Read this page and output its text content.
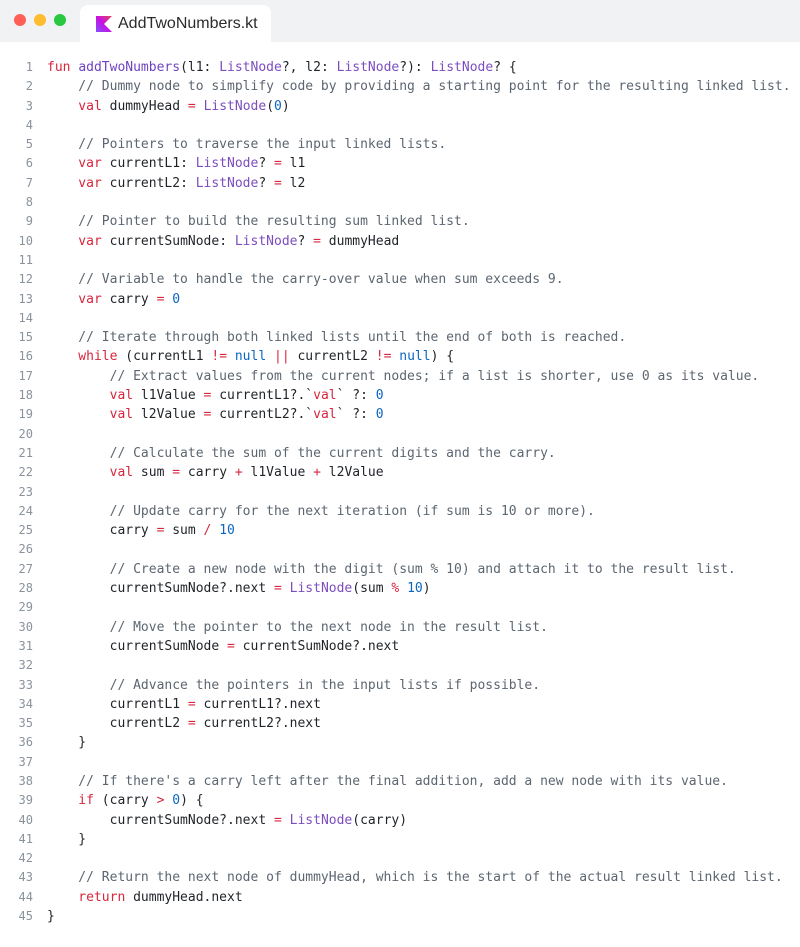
AddTwoNumbers.kt
1 fun addTwoNumbers(l1: ListNode?, l2: ListNode?): ListNode? {
2    // Dummy node to simplify code by providing a starting point for the resulting linked list.
3    val dummyHead = ListNode(0)
4
5    // Pointers to traverse the input linked lists.
6    var currentL1: ListNode? = l1
7    var currentL2: ListNode? = l2
8
9    // Pointer to build the resulting sum linked list.
10    var currentSumNode: ListNode? = dummyHead
11
12    // Variable to handle the carry-over value when sum exceeds 9.
13    var carry = 0
14
15    // Iterate through both linked lists until the end of both is reached.
16    while (currentL1 != null || currentL2 != null) {
17        // Extract values from the current nodes; if a list is shorter, use 0 as its value.
18        val l1Value = currentL1?.`val` ?: 0
19        val l2Value = currentL2?.`val` ?: 0
20
21        // Calculate the sum of the current digits and the carry.
22        val sum = carry + l1Value + l2Value
23
24        // Update carry for the next iteration (if sum is 10 or more).
25        carry = sum / 10
26
27        // Create a new node with the digit (sum % 10) and attach it to the result list.
28        currentSumNode?.next = ListNode(sum % 10)
29
30        // Move the pointer to the next node in the result list.
31        currentSumNode = currentSumNode?.next
32
33        // Advance the pointers in the input lists if possible.
34        currentL1 = currentL1?.next
35        currentL2 = currentL2?.next
36    }
37
38    // If there's a carry left after the final addition, add a new node with its value.
39    if (carry > 0) {
40        currentSumNode?.next = ListNode(carry)
41    }
42
43    // Return the next node of dummyHead, which is the start of the actual result linked list.
44    return dummyHead.next
45 }
